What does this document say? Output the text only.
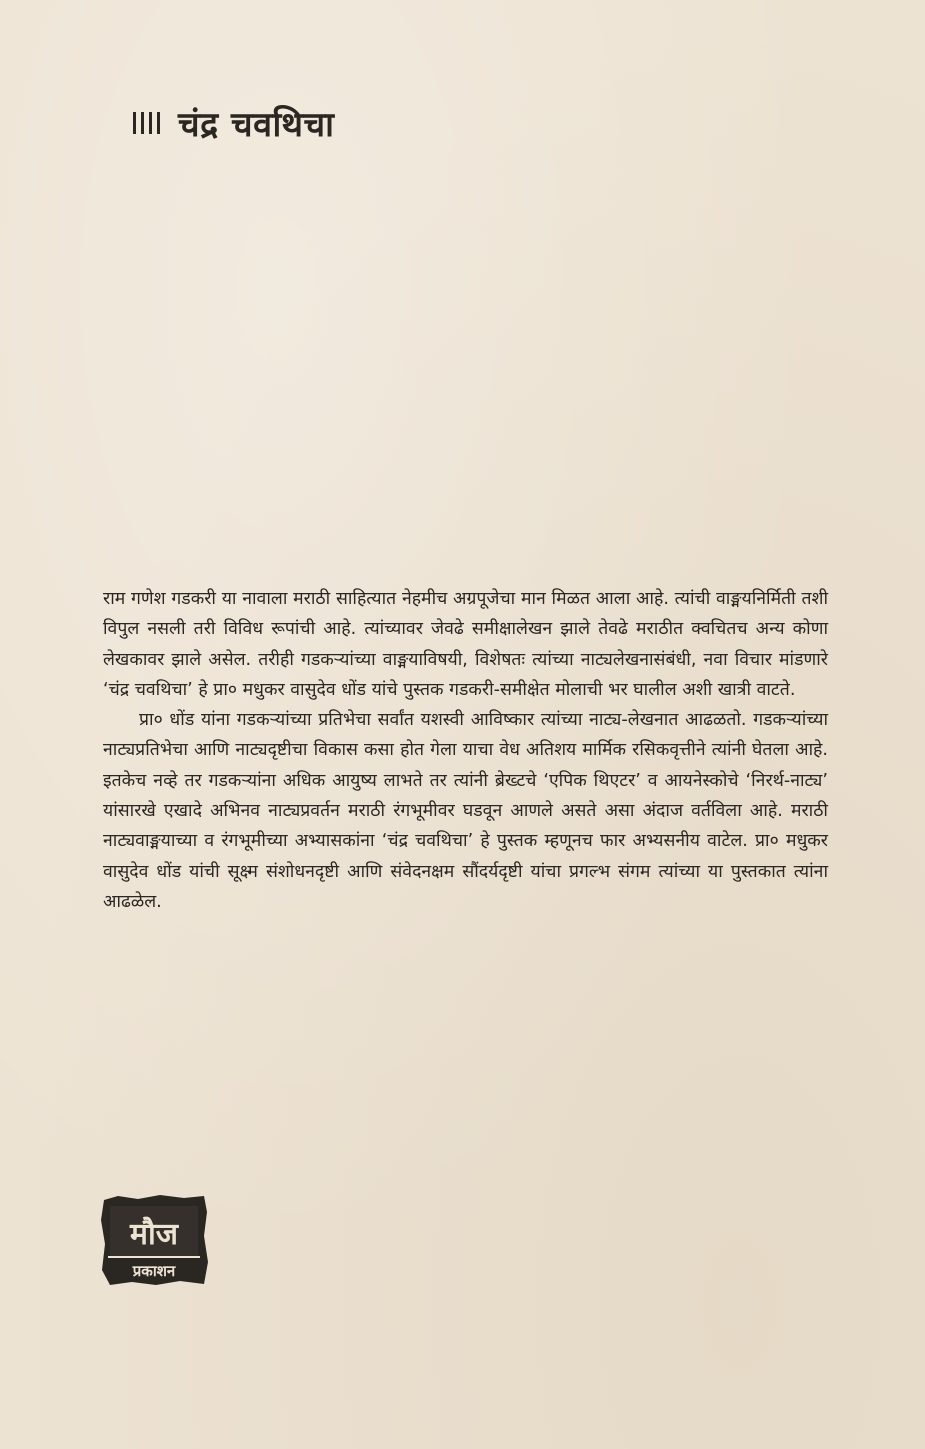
चंद्र चवथिचा

राम गणेश गडकरी या नावाला मराठी साहित्यात नेहमीच अग्रपूजेचा मान मिळत आला आहे. त्यांची वाङ्मयनिर्मिती तशी विपुल नसली तरी विविध रूपांची आहे. त्यांच्यावर जेवढे समीक्षालेखन झाले तेवढे मराठीत क्वचितच अन्य कोणा लेखकावर झाले असेल. तरीही गडकऱ्यांच्या वाङ्मयाविषयी, विशेषतः त्यांच्या नाट्यलेखनासंबंधी, नवा विचार मांडणारे ‘चंद्र चवथिचा’ हे प्रा० मधुकर वासुदेव धोंड यांचे पुस्तक गडकरी-समीक्षेत मोलाची भर घालील अशी खात्री वाटते.

प्रा० धोंड यांना गडकऱ्यांच्या प्रतिभेचा सर्वांत यशस्वी आविष्कार त्यांच्या नाट्य-लेखनात आढळतो. गडकऱ्यांच्या नाट्यप्रतिभेचा आणि नाट्यदृष्टीचा विकास कसा होत गेला याचा वेध अतिशय मार्मिक रसिकवृत्तीने त्यांनी घेतला आहे. इतकेच नव्हे तर गडकऱ्यांना अधिक आयुष्य लाभते तर त्यांनी ब्रेख्टचे ‘एपिक थिएटर’ व आयनेस्कोचे ‘निरर्थ-नाट्य’ यांसारखे एखादे अभिनव नाट्यप्रवर्तन मराठी रंगभूमीवर घडवून आणले असते असा अंदाज वर्तविला आहे. मराठी नाट्यवाङ्मयाच्या व रंगभूमीच्या अभ्यासकांना ‘चंद्र चवथिचा’ हे पुस्तक म्हणूनच फार अभ्यसनीय वाटेल. प्रा० मधुकर वासुदेव धोंड यांची सूक्ष्म संशोधनदृष्टी आणि संवेदनक्षम सौंदर्यदृष्टी यांचा प्रगल्भ संगम त्यांच्या या पुस्तकात त्यांना आढळेल.

मौज
प्रकाशन
